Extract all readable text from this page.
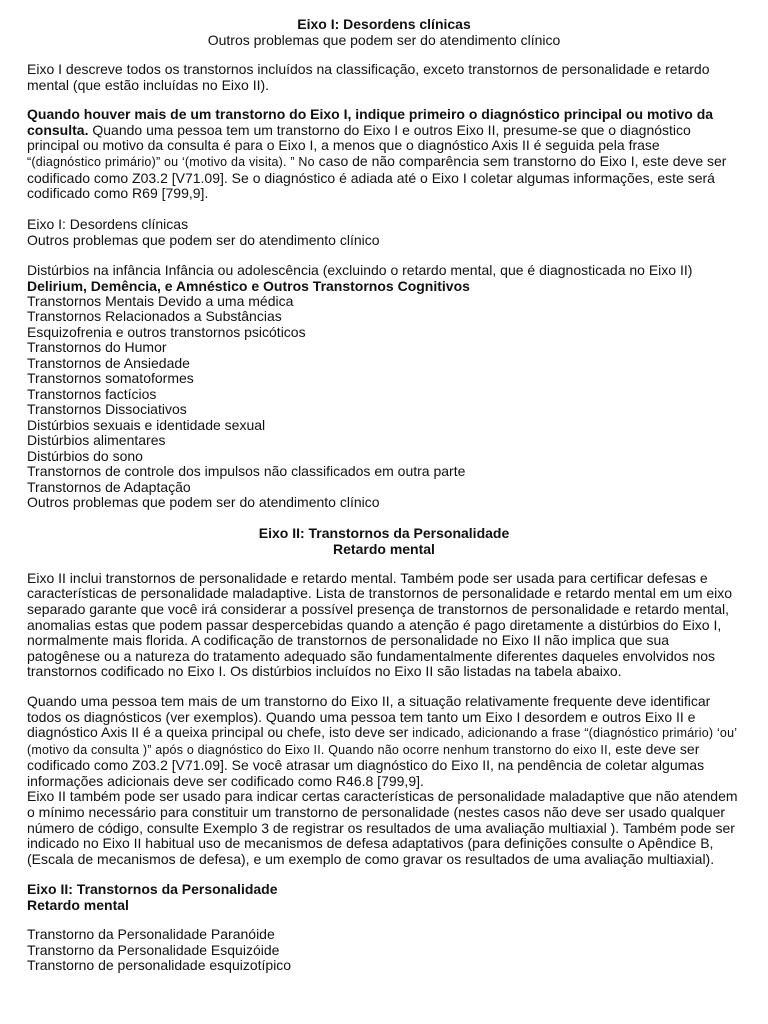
Eixo I: Desordens clínicas
Outros problemas que podem ser do atendimento clínico

Eixo I descreve todos os transtornos incluídos na classificação, exceto transtornos de personalidade e retardo mental (que estão incluídas no Eixo II).

Quando houver mais de um transtorno do Eixo I, indique primeiro o diagnóstico principal ou motivo da consulta. Quando uma pessoa tem um transtorno do Eixo I e outros Eixo II, presume-se que o diagnóstico principal ou motivo da consulta é para o Eixo I, a menos que o diagnóstico Axis II é seguida pela frase
“(diagnóstico primário)” ou ‘(motivo da visita). ” No caso de não comparência sem transtorno do Eixo I, este deve ser codificado como Z03.2 [V71.09]. Se o diagnóstico é adiada até o Eixo I coletar algumas informações, este será codificado como R69 [799,9].

Eixo I: Desordens clínicas
Outros problemas que podem ser do atendimento clínico
Distúrbios na infância Infância ou adolescência (excluindo o retardo mental, que é diagnosticada no Eixo II)
Delirium, Demência, e Amnéstico e Outros Transtornos Cognitivos
Transtornos Mentais Devido a uma médica
Transtornos Relacionados a Substâncias
Esquizofrenia e outros transtornos psicóticos
Transtornos do Humor
Transtornos de Ansiedade
Transtornos somatoformes
Transtornos factícios
Transtornos Dissociativos
Distúrbios sexuais e identidade sexual
Distúrbios alimentares
Distúrbios do sono
Transtornos de controle dos impulsos não classificados em outra parte
Transtornos de Adaptação
Outros problemas que podem ser do atendimento clínico
Eixo II: Transtornos da Personalidade
Retardo mental

Eixo II inclui transtornos de personalidade e retardo mental. Também pode ser usada para certificar defesas e características de personalidade maladaptive. Lista de transtornos de personalidade e retardo mental em um eixo separado garante que você irá considerar a possível presença de transtornos de personalidade e retardo mental, anomalias estas que podem passar despercebidas quando a atenção é pago diretamente a distúrbios do Eixo I, normalmente mais florida. A codificação de transtornos de personalidade no Eixo II não implica que sua patogênese ou a natureza do tratamento adequado são fundamentalmente diferentes daqueles envolvidos nos transtornos codificado no Eixo I. Os distúrbios incluídos no Eixo II são listadas na tabela abaixo.

Quando uma pessoa tem mais de um transtorno do Eixo II, a situação relativamente frequente deve identificar todos os diagnósticos (ver exemplos). Quando uma pessoa tem tanto um Eixo I desordem e outros Eixo II e diagnóstico Axis II é a queixa principal ou chefe, isto deve ser indicado, adicionando a frase “(diagnóstico primário) ‘ou’ (motivo da consulta )” após o diagnóstico do Eixo II. Quando não ocorre nenhum transtorno do eixo II, este deve ser codificado como Z03.2 [V71.09]. Se você atrasar um diagnóstico do Eixo II, na pendência de coletar algumas informações adicionais deve ser codificado como R46.8 [799,9].

Eixo II também pode ser usado para indicar certas características de personalidade maladaptive que não atendem o mínimo necessário para constituir um transtorno de personalidade (nestes casos não deve ser usado qualquer número de código, consulte Exemplo 3 de registrar os resultados de uma avaliação multiaxial ). Também pode ser indicado no Eixo II habitual uso de mecanismos de defesa adaptativos (para definições consulte o Apêndice B, (Escala de mecanismos de defesa), e um exemplo de como gravar os resultados de uma avaliação multiaxial).

Eixo II: Transtornos da Personalidade
Retardo mental
Transtorno da Personalidade Paranóide
Transtorno da Personalidade Esquizóide
Transtorno de personalidade esquizotípico
